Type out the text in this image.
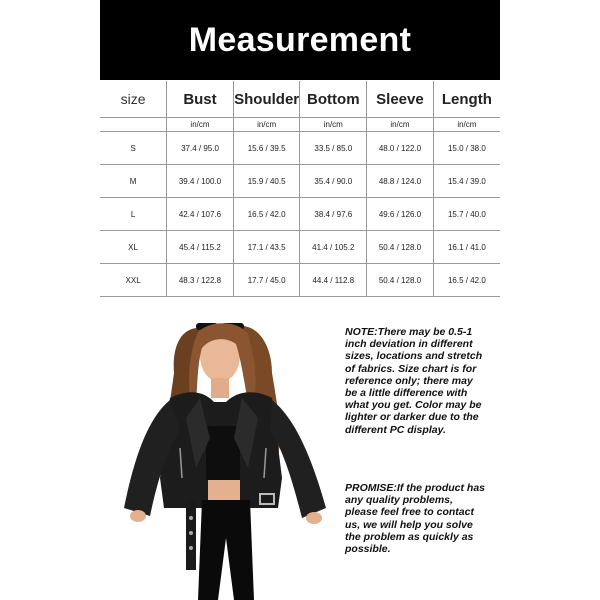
Measurement
size	Bust	Shoulder	Bottom	Sleeve	Length
	in/cm	in/cm	in/cm	in/cm	in/cm
S	37.4 / 95.0	15.6 / 39.5	33.5 / 85.0	48.0 / 122.0	15.0 / 38.0
M	39.4 / 100.0	15.9 / 40.5	35.4 / 90.0	48.8 / 124.0	15.4 / 39.0
L	42.4 / 107.6	16.5 / 42.0	38.4 / 97.6	49.6 / 126.0	15.7 / 40.0
XL	45.4 / 115.2	17.1 / 43.5	41.4 / 105.2	50.4 / 128.0	16.1 / 41.0
XXL	48.3 / 122.8	17.7 / 45.0	44.4 / 112.8	50.4 / 128.0	16.5 / 42.0
NOTE:There may be 0.5-1 inch deviation in different sizes, locations and stretch of fabrics. Size chart is for reference only; there may be a little difference with what you get. Color may be lighter or darker due to the different PC display.
PROMISE:If the product has any quality problems, please feel free to contact us, we will help you solve the problem as quickly as possible.
